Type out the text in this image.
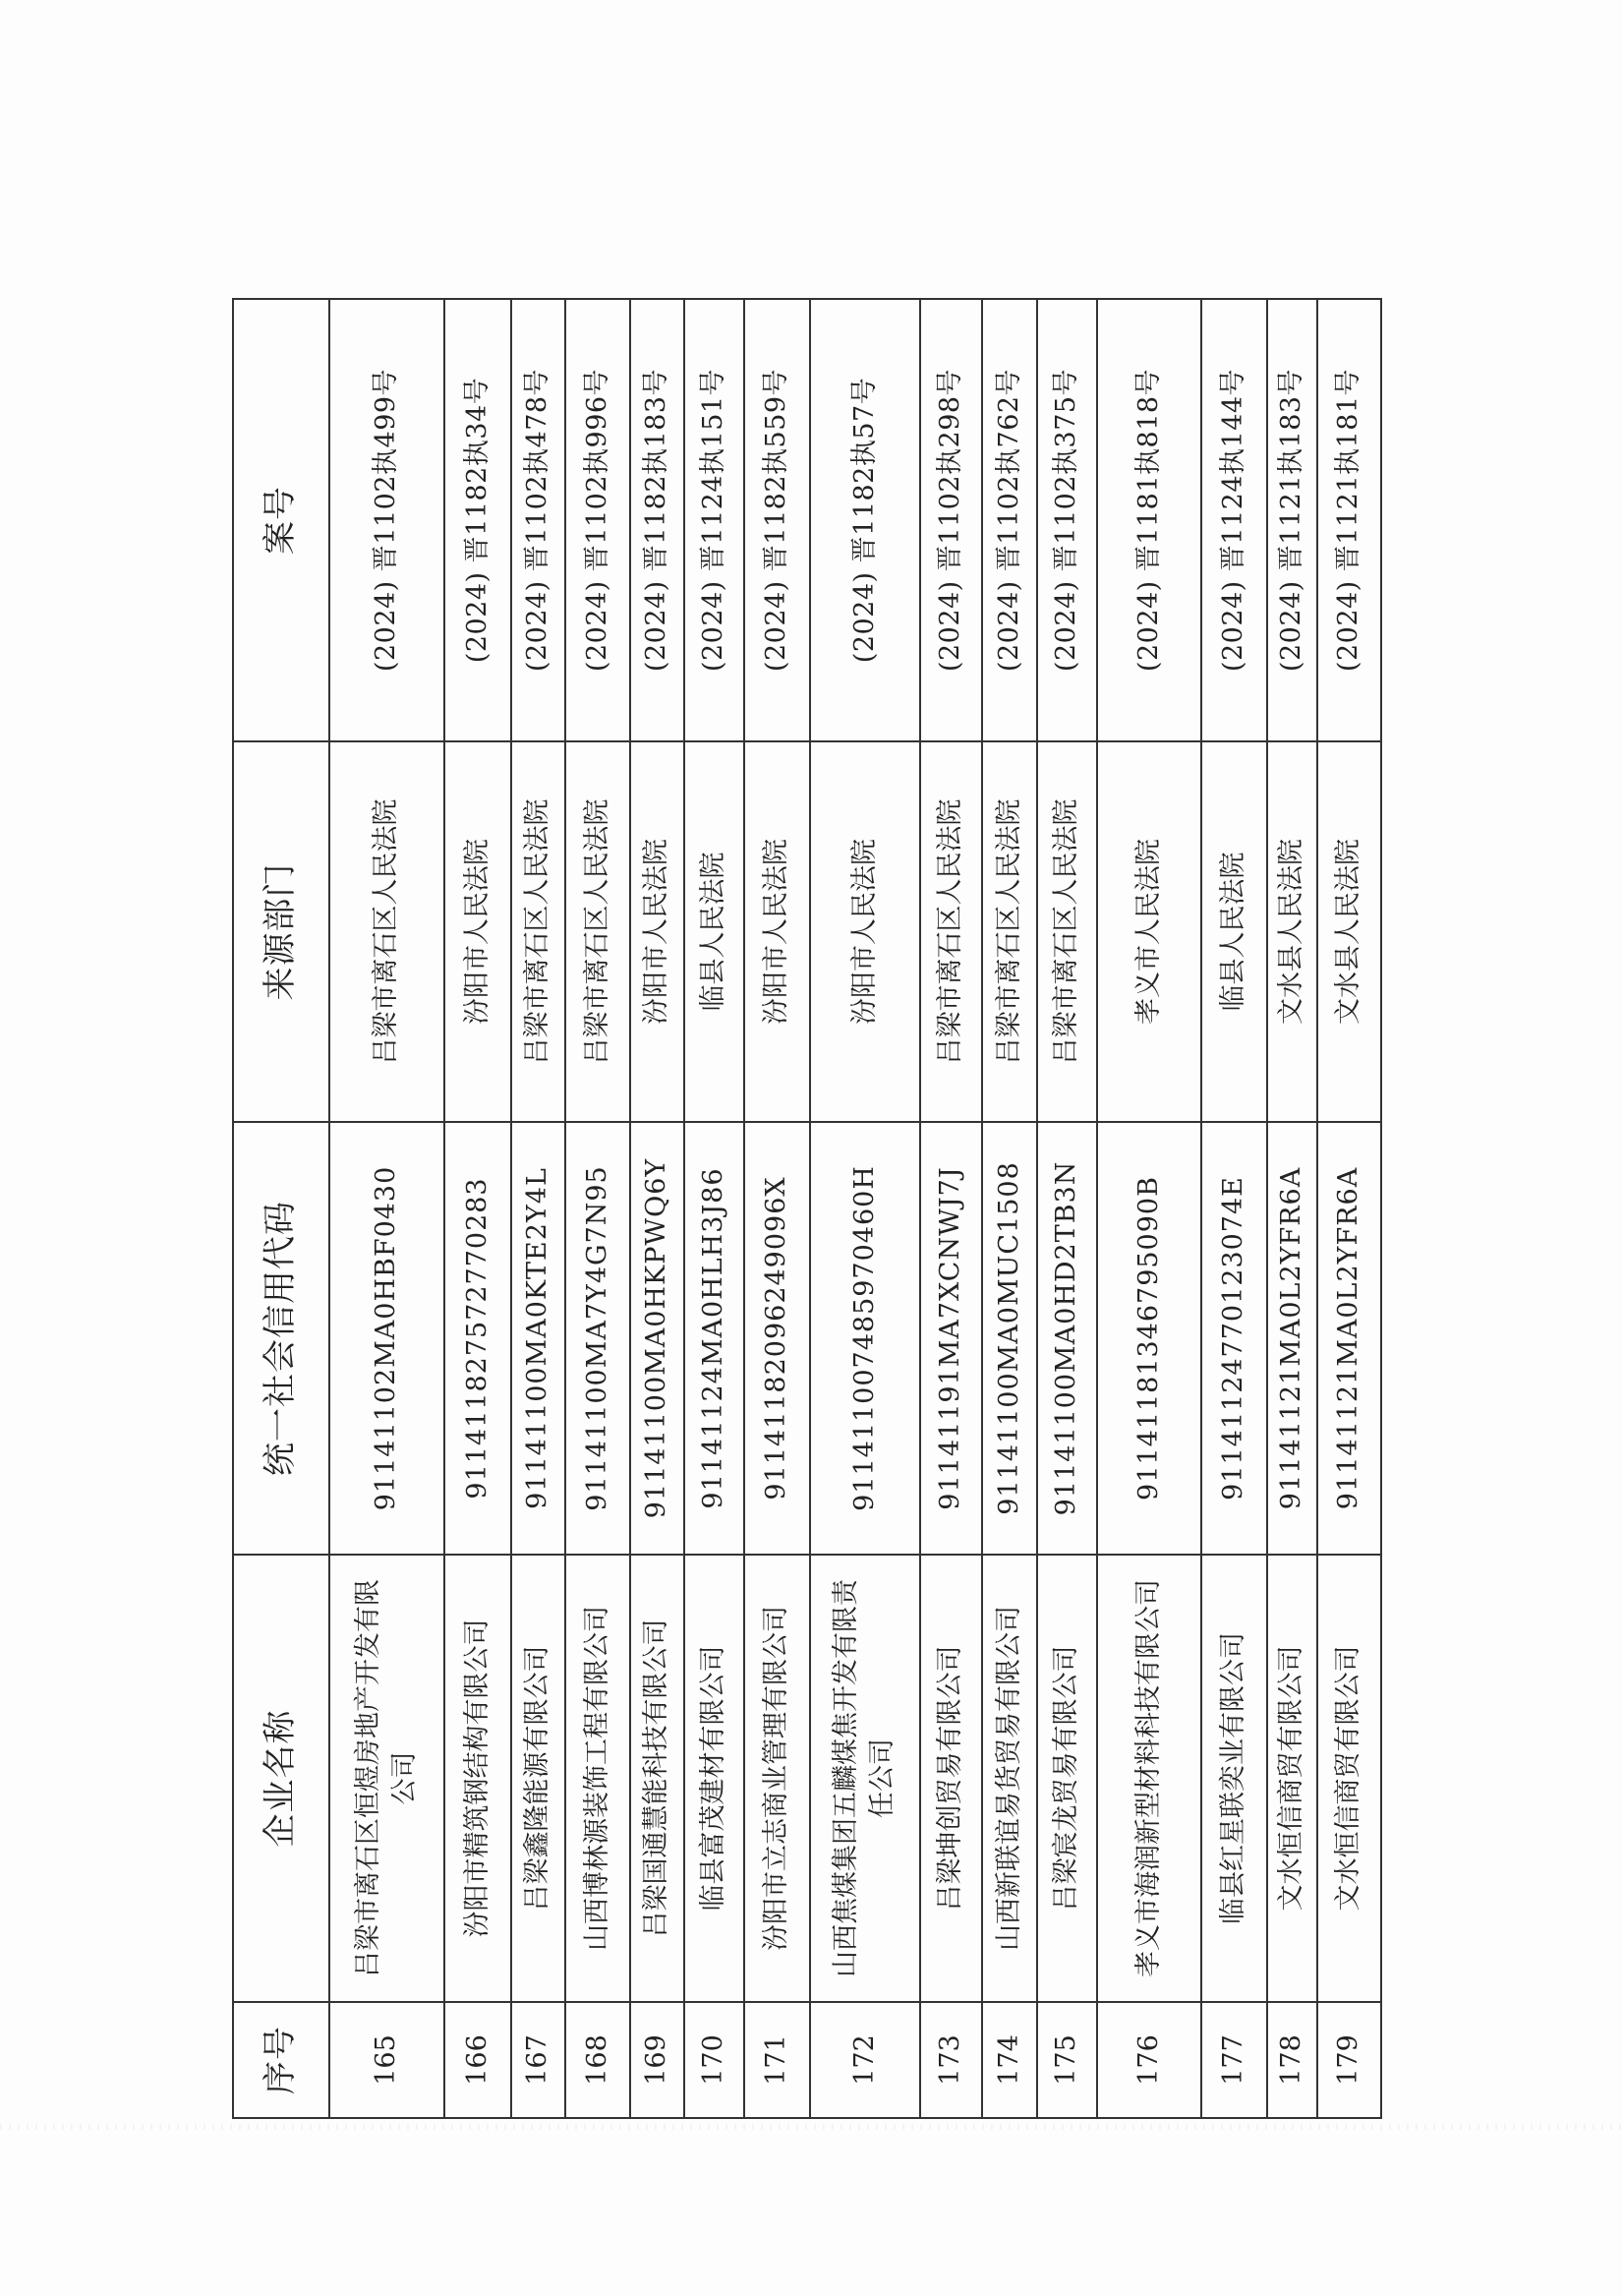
序号	企业名称	统一社会信用代码	来源部门	案号
165	吕梁市离石区恒煜房地产开发有限公司	91141102MA0HBF0430	吕梁市离石区人民法院	(2024) 晋1102执499号
166	汾阳市精筑钢结构有限公司	911411827572770283	汾阳市人民法院	(2024) 晋1182执34号
167	吕梁鑫隆能源有限公司	91141100MA0KTE2Y4L	吕梁市离石区人民法院	(2024) 晋1102执478号
168	山西博林源装饰工程有限公司	91141100MA7Y4G7N95	吕梁市离石区人民法院	(2024) 晋1102执996号
169	吕梁国通慧能科技有限公司	91141100MA0HKPWQ6Y	汾阳市人民法院	(2024) 晋1182执183号
170	临县富茂建材有限公司	91141124MA0HLH3J86	临县人民法院	(2024) 晋1124执151号
171	汾阳市立志商业管理有限公司	91141182096249096X	汾阳市人民法院	(2024) 晋1182执559号
172	山西焦煤集团五麟煤焦开发有限责任公司	911411007485970460H	汾阳市人民法院	(2024) 晋1182执57号
173	吕梁坤创贸易有限公司	91141191MA7XCNWJ7J	吕梁市离石区人民法院	(2024) 晋1102执298号
174	山西新联谊易货贸易有限公司	91141100MA0MUC1508	吕梁市离石区人民法院	(2024) 晋1102执762号
175	吕梁宸龙贸易有限公司	91141100MA0HD2TB3N	吕梁市离石区人民法院	(2024) 晋1102执375号
176	孝义市海润新型材料科技有限公司	91141181346795090B	孝义市人民法院	(2024) 晋1181执818号
177	临县红星联奕业有限公司	91141124770123074E	临县人民法院	(2024) 晋1124执144号
178	文水恒信商贸有限公司	91141121MA0L2YFR6A	文水县人民法院	(2024) 晋1121执183号
179	文水恒信商贸有限公司	91141121MA0L2YFR6A	文水县人民法院	(2024) 晋1121执181号
